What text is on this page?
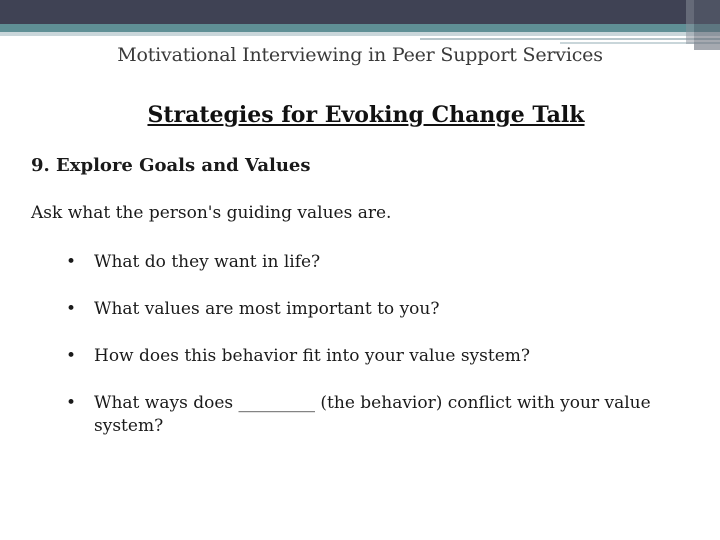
Motivational Interviewing in Peer Support Services
Strategies for Evoking Change Talk
9. Explore Goals and Values
Ask what the person's guiding values are.
• What do they want in life?
• What values are most important to you?
• How does this behavior fit into your value system?
• What ways does _________ (the behavior) conflict with your value system?
